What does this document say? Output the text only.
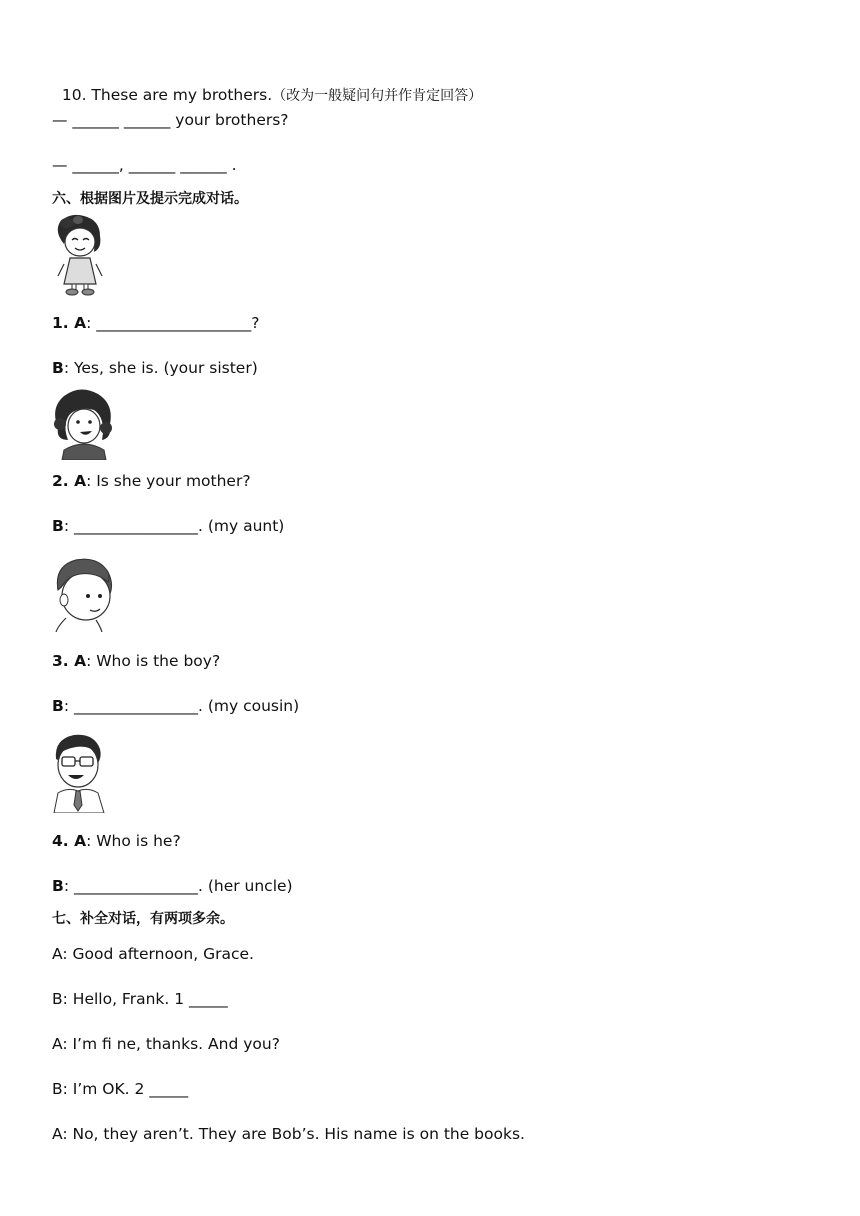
10. These are my brothers.（改为一般疑问句并作肯定回答）

— ______ ______ your brothers?
— ______, ______ ______ .
六、根据图片及提示完成对话。
1. A: ____________________?
B: Yes, she is. (your sister)
2. A: Is she your mother?
B: ________________. (my aunt)
3. A: Who is the boy?
B: ________________. (my cousin)
4. A: Who is he?
B: ________________. (her uncle)
七、补全对话，有两项多余。
A: Good afternoon, Grace.
B: Hello, Frank. 1 _____
A: I’m fi ne, thanks. And you?
B: I’m OK. 2 _____
A: No, they aren’t. They are Bob’s. His name is on the books.
